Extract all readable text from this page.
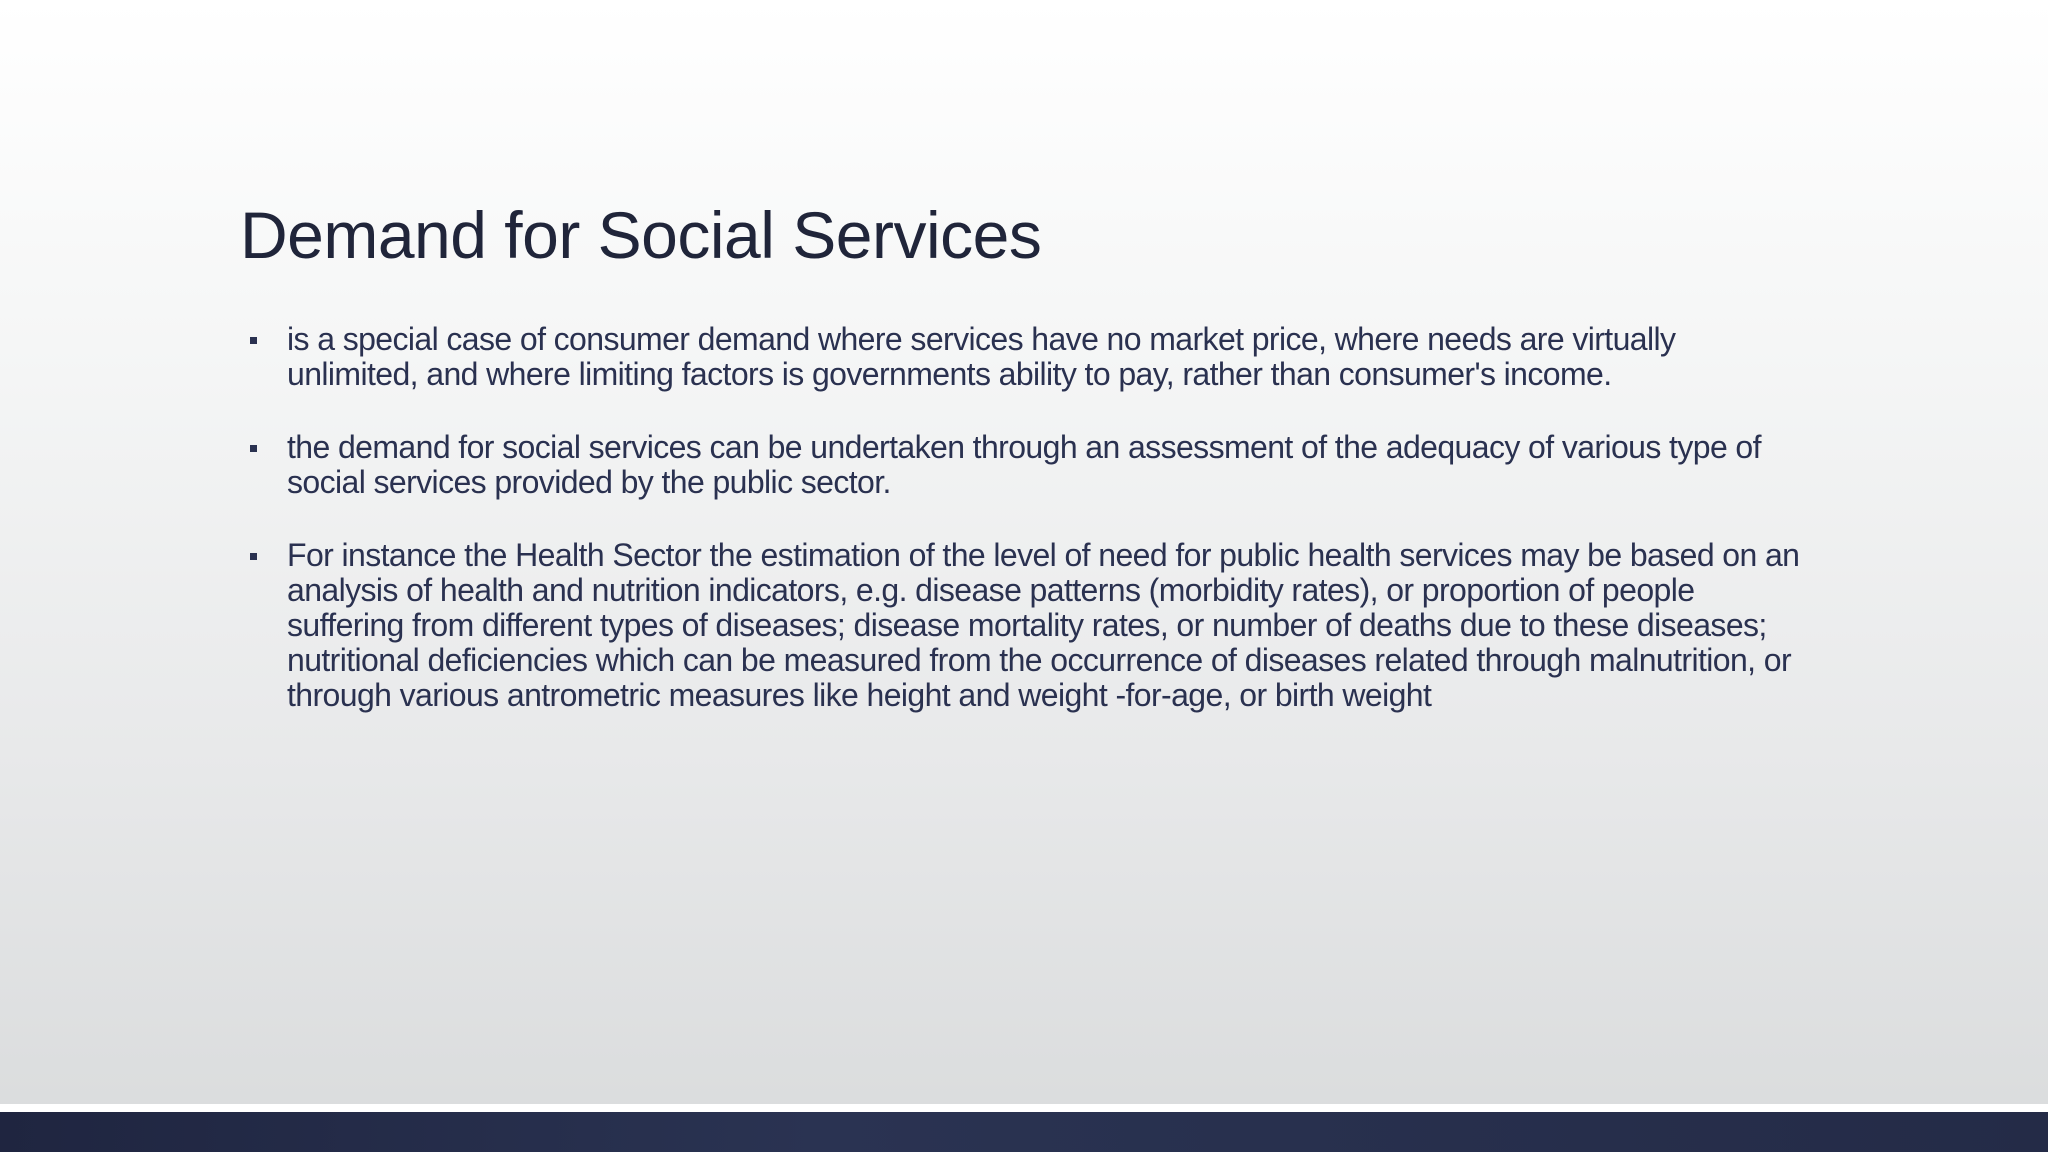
Demand for Social Services
is a special case of consumer demand where services have no market price, where needs are virtually unlimited, and where limiting factors is governments ability to pay, rather than consumer's income.
the demand for social services can be undertaken through an assessment of the adequacy of various type of social services provided by the public sector.
For instance the Health Sector the estimation of the level of need for public health services may be based on an analysis of health and nutrition indicators, e.g. disease patterns (morbidity rates), or proportion of people suffering from different types of diseases; disease mortality rates, or number of deaths due to these diseases; nutritional deficiencies which can be measured from the occurrence of diseases related through malnutrition, or through various antrometric measures like height and weight -for-age, or birth weight
